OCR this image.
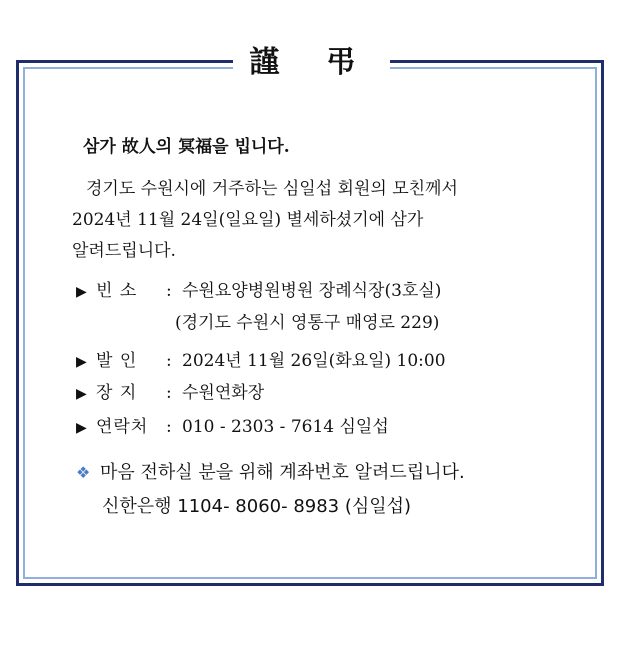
謹 弔
삼가 故人의 冥福을 빕니다.
경기도 수원시에 거주하는 심일섭 회원의 모친께서
2024년 11월 24일(일요일) 별세하셨기에 삼가
알려드립니다.
▶ 빈 소 : 수원요양병원병원 장례식장(3호실)
(경기도 수원시 영통구 매영로 229)
▶ 발 인 : 2024년 11월 26일(화요일) 10:00
▶ 장 지 : 수원연화장
▶ 연락처 : 010 - 2303 - 7614 심일섭
❖ 마음 전하실 분을 위해 계좌번호 알려드립니다.
신한은행 1104- 8060- 8983 (심일섭)
